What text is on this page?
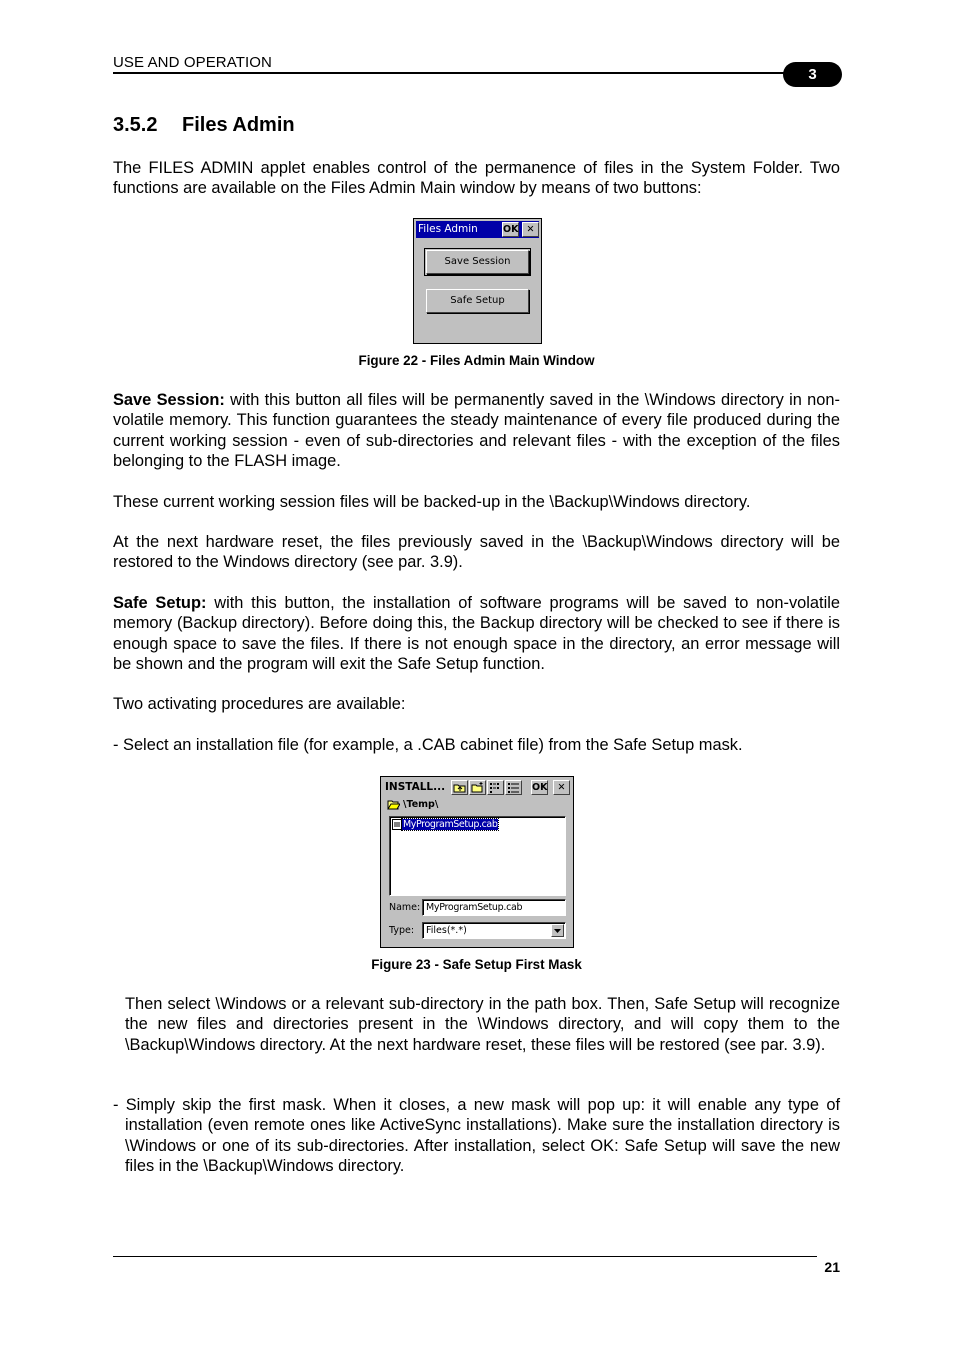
USE AND OPERATION
3
3.5.2 Files Admin

The FILES ADMIN applet enables control of the permanence of files in the System Folder. Two functions are available on the Files Admin Main window by means of two buttons:

Files Admin	OK ✕
Save Session
Safe Setup
Figure 22 - Files Admin Main Window

Save Session: with this button all files will be permanently saved in the \Windows directory in non-volatile memory. This function guarantees the steady maintenance of every file produced during the current working session - even of sub-directories and relevant files - with the exception of the files belonging to the FLASH image.

These current working session files will be backed-up in the \Backup\Windows directory.

At the next hardware reset, the files previously saved in the \Backup\Windows directory will be restored to the Windows directory (see par. 3.9).

Safe Setup: with this button, the installation of software programs will be saved to non-volatile memory (Backup directory). Before doing this, the Backup directory will be checked to see if there is enough space to save the files. If there is not enough space in the directory, an error message will be shown and the program will exit the Safe Setup function.

Two activating procedures are available:

- Select an installation file (for example, a .CAB cabinet file) from the Safe Setup mask.

INSTALL...	OK	✕
\Temp\
MyProgramSetup.cab
Name: MyProgramSetup.cab
Type:	Files(*.*)
Figure 23 - Safe Setup First Mask

Then select \Windows or a relevant sub-directory in the path box. Then, Safe Setup will recognize the new files and directories present in the \Windows directory, and will copy them to the \Backup\Windows directory. At the next hardware reset, these files will be restored (see par. 3.9).

- Simply skip the first mask. When it closes, a new mask will pop up: it will enable any type of installation (even remote ones like ActiveSync installations). Make sure the installation directory is \Windows or one of its sub-directories. After installation, select OK: Safe Setup will save the new files in the \Backup\Windows directory.

21
